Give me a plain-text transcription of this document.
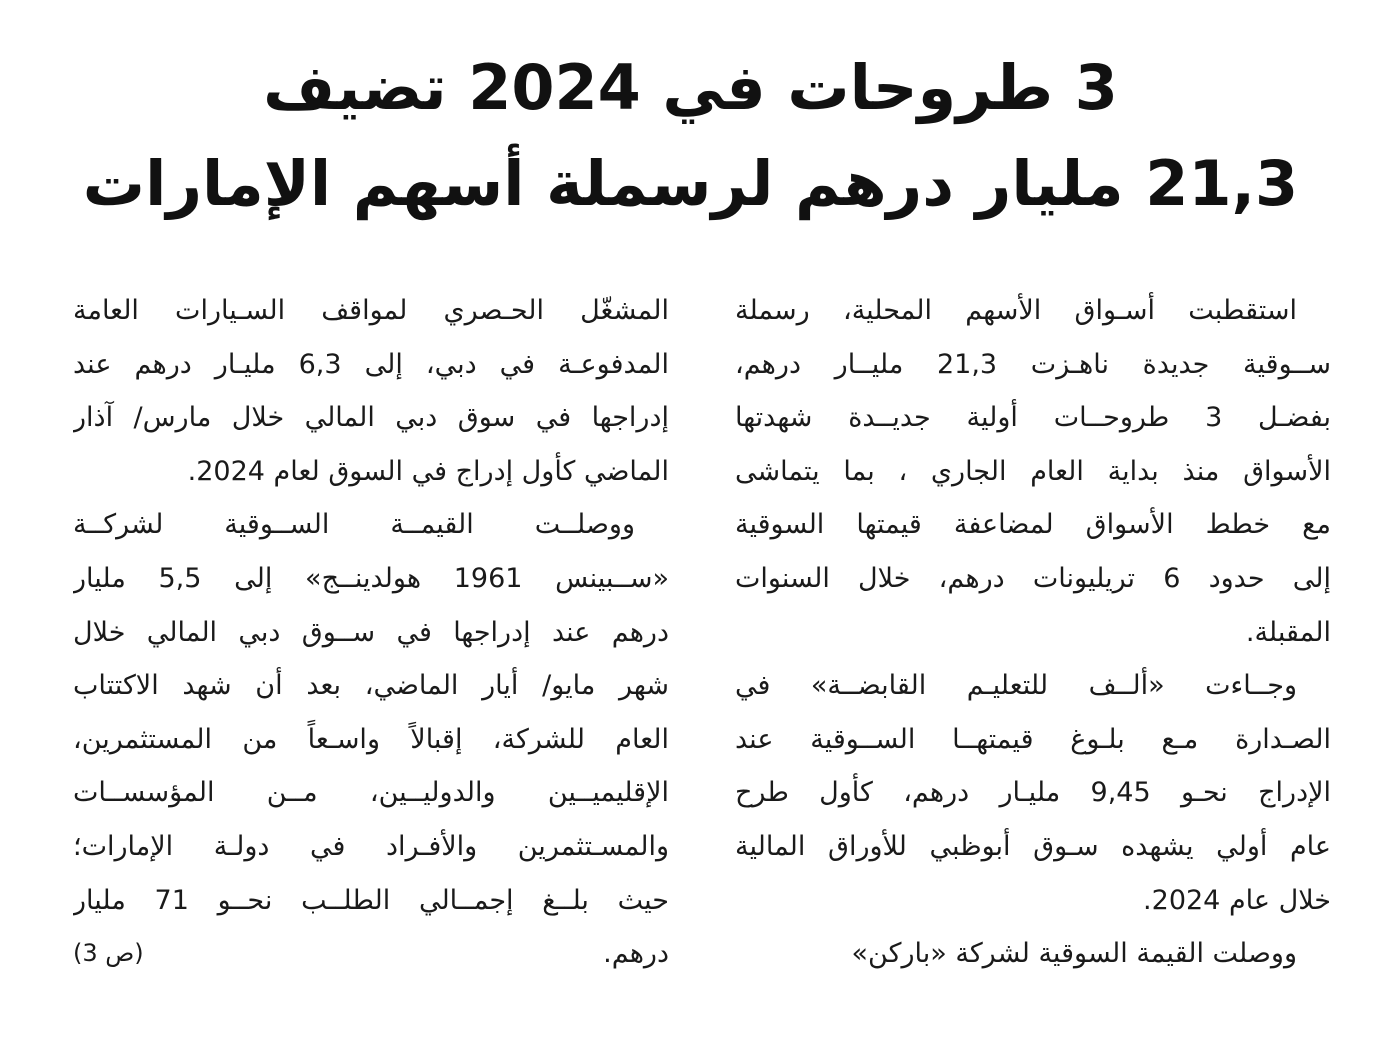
3 طروحات في 2024 تضيف
21,3 مليار درهم لرسملة أسهم الإمارات
استقطبت أسـواق الأسهم المحلية، رسملة
ســوقية جديدة ناهـزت 21,3 مليــار درهم،
بفضـل 3 طروحــات أولية جديــدة شهدتها
الأسواق منذ بداية العام الجاري ، بما يتماشى
مع خطط الأسواق لمضاعفة قيمتها السوقية
إلى حدود 6 تريليونات درهم، خلال السنوات
المقبلة.
وجــاءت «ألــف للتعليـم القابضــة» في
الصـدارة مـع بلـوغ قيمتهــا الســوقية عند
الإدراج نحـو 9,45 مليـار درهم، كأول طرح
عام أولي يشهده سـوق أبوظبي للأوراق المالية
خلال عام 2024.
ووصلت القيمة السوقية لشركة «باركن»
المشغّل الحـصري لمواقف السـيارات العامة
المدفوعـة في دبي، إلى 6,3 مليـار درهم عند
إدراجها في سوق دبي المالي خلال مارس/ آذار
الماضي كأول إدراج في السوق لعام 2024.
ووصلــت القيمــة الســوقية لشركــة
«ســبينس 1961 هولدينــج» إلى 5,5 مليار
درهم عند إدراجها في ســوق دبي المالي خلال
شهر مايو/ أيار الماضي، بعد أن شهد الاكتتاب
العام للشركة، إقبالاً واسـعاً من المستثمرين،
الإقليميــين والدوليــين، مــن المؤسســات
والمسـتثمرين والأفـراد في دولـة الإمارات؛
حيث بلــغ إجمــالي الطلــب نحــو 71 مليار
درهم.
(ص 3)
